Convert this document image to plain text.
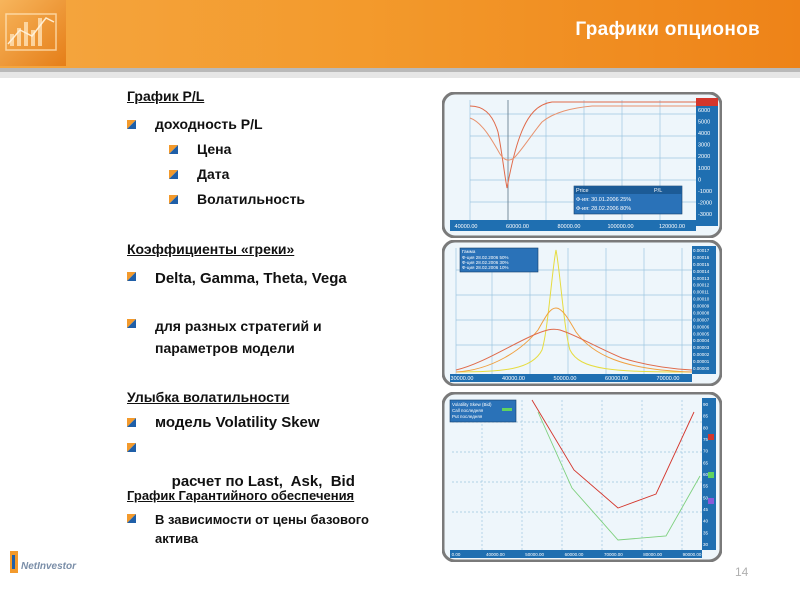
Графики опционов
График P/L
доходность P/L
Цена
Дата
Волатильность
Коэффициенты «греки»
Delta, Gamma, Theta, Vega
для разных стратегий и параметров модели
Улыбка волатильности
модель Volatility Skew

расчет по Last,  Ask,  Bid

График Гарантийного обеспечения
В зависимости от цены базового актива
6000
5000
4000
3000
2000
1000
0
-1000
-2000
-3000
40000.00	60000.00	80000.00	100000.00	120000.00
Price	P/L
Ф-ия: 30.01.2006 25%
Ф-ия: 28.02.2006 80%
0.00017
0.00016
0.00015
0.00014
0.00013
0.00012
0.00011
0.00010
0.00009
0.00008
0.00007
0.00006
0.00005
0.00004
0.00003
0.00002
0.00001
0.00000
30000.00	40000.00	50000.00	60000.00	70000.00
Гамма
Ф-ция 28.02.2006 50%
Ф-ция 28.02.2006 30%
Ф-ция 28.02.2006 10%
90
85
80
75
70
65
60
55
50
45
40
35
30
0.00	40000.00	50000.00	60000.00	70000.00	80000.00	90000.00
Volatility Skew (Bid)
Call последняя
Put последняя
NetInvestor	14
